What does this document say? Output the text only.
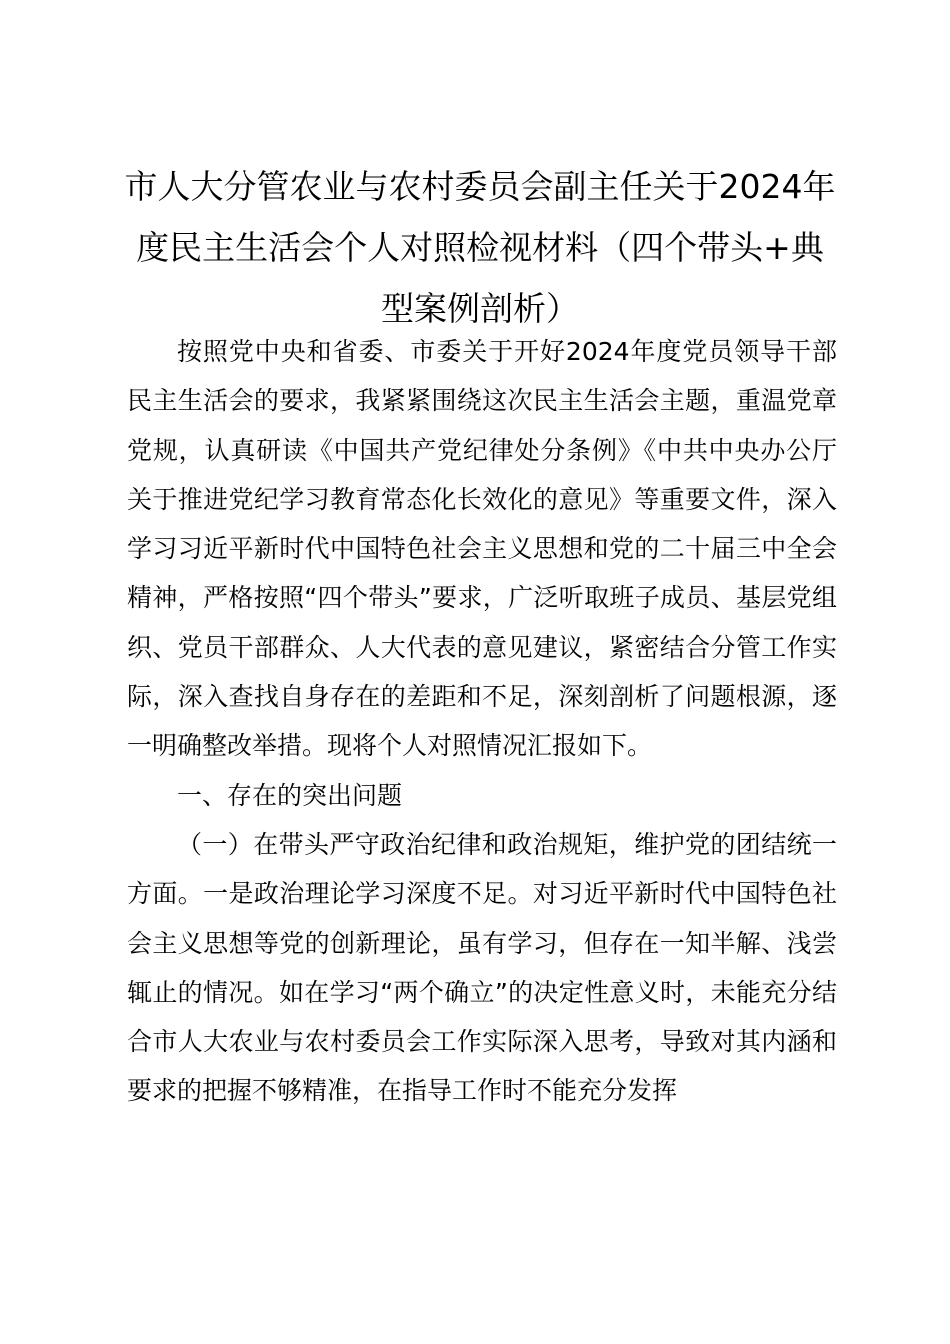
市人大分管农业与农村委员会副主任关于2024年度民主生活会个人对照检视材料（四个带头+典型案例剖析）

按照党中央和省委、市委关于开好2024年度党员领导干部民主生活会的要求，我紧紧围绕这次民主生活会主题，重温党章党规，认真研读《中国共产党纪律处分条例》《中共中央办公厅关于推进党纪学习教育常态化长效化的意见》等重要文件，深入学习习近平新时代中国特色社会主义思想和党的二十届三中全会精神，严格按照“四个带头”要求，广泛听取班子成员、基层党组织、党员干部群众、人大代表的意见建议，紧密结合分管工作实际，深入查找自身存在的差距和不足，深刻剖析了问题根源，逐一明确整改举措。现将个人对照情况汇报如下。

一、存在的突出问题

（一）在带头严守政治纪律和政治规矩，维护党的团结统一方面。一是政治理论学习深度不足。对习近平新时代中国特色社会主义思想等党的创新理论，虽有学习，但存在一知半解、浅尝辄止的情况。如在学习“两个确立”的决定性意义时，未能充分结合市人大农业与农村委员会工作实际深入思考，导致对其内涵和要求的把握不够精准，在指导工作时不能充分发挥
